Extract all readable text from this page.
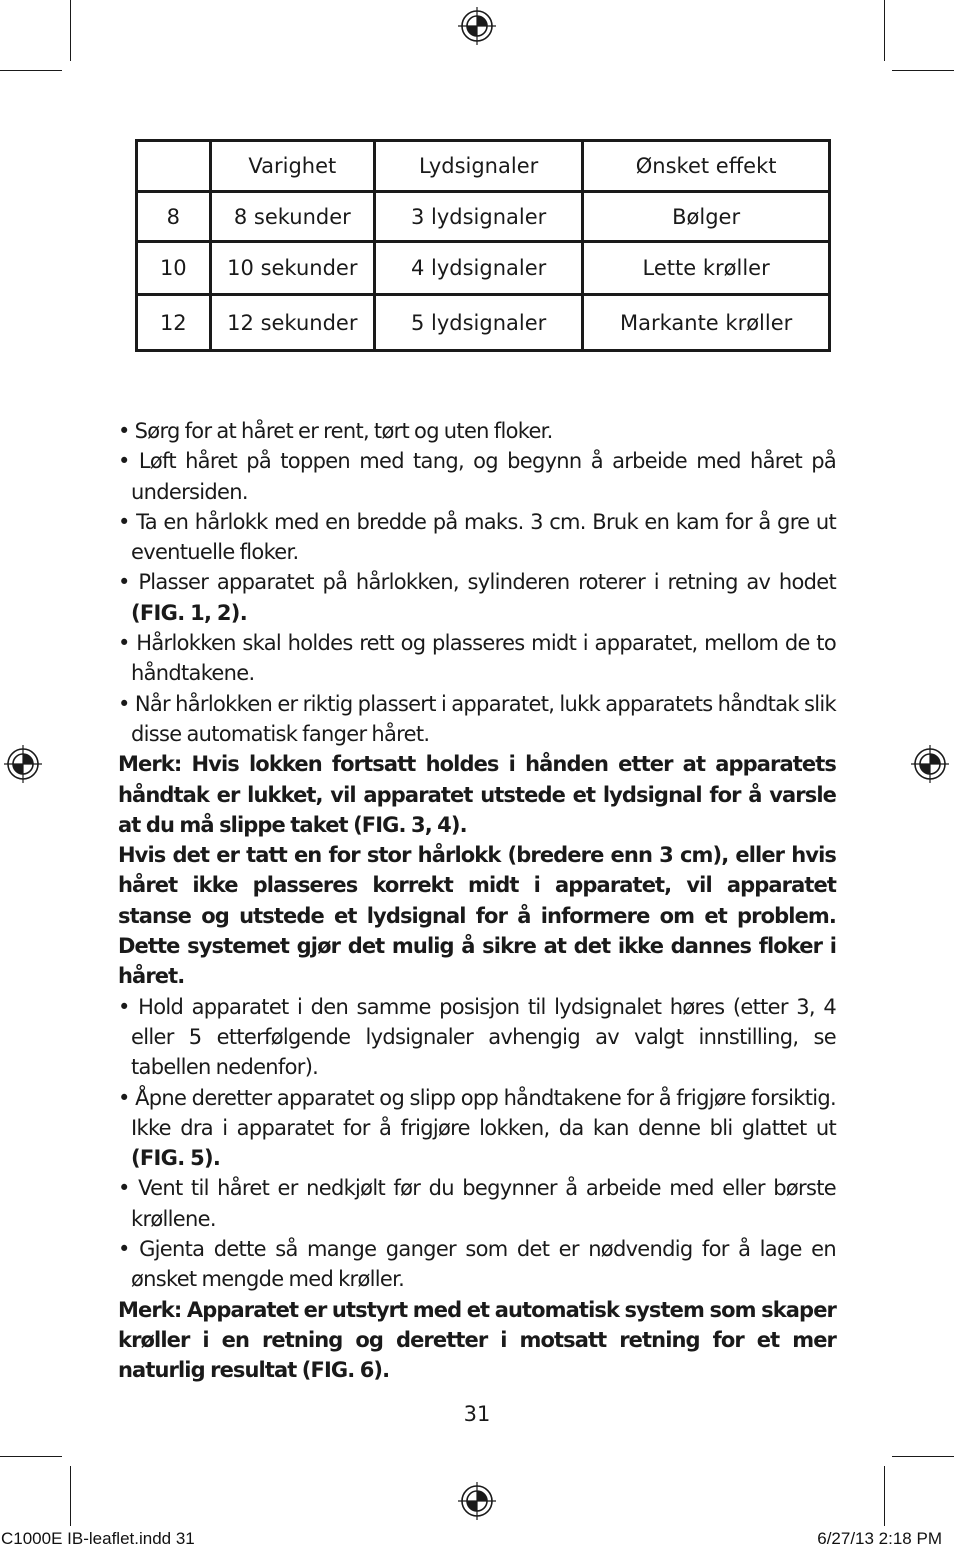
	Varighet	Lydsignaler	Ønsket effekt
8	8 sekunder	3 lydsignaler	Bølger
10	10 sekunder	4 lydsignaler	Lette krøller
12	12 sekunder	5 lydsignaler	Markante krøller

• Sørg for at håret er rent, tørt og uten floker.

• Løft håret på toppen med tang, og begynn å arbeide med håret på undersiden.

• Ta en hårlokk med en bredde på maks. 3 cm. Bruk en kam for å gre ut eventuelle floker.

• Plasser apparatet på hårlokken, sylinderen roterer i retning av hodet (FIG. 1, 2).

• Hårlokken skal holdes rett og plasseres midt i apparatet, mellom de to håndtakene.

• Når hårlokken er riktig plassert i apparatet, lukk apparatets håndtak slik disse automatisk fanger håret.

Merk: Hvis lokken fortsatt holdes i hånden etter at apparatets håndtak er lukket, vil apparatet utstede et lydsignal for å varsle at du må slippe taket (FIG. 3, 4).

Hvis det er tatt en for stor hårlokk (bredere enn 3 cm), eller hvis håret ikke plasseres korrekt midt i apparatet, vil apparatet stanse og utstede et lydsignal for å informere om et problem. Dette systemet gjør det mulig å sikre at det ikke dannes floker i håret.

• Hold apparatet i den samme posisjon til lydsignalet høres (etter 3, 4 eller 5 etterfølgende lydsignaler avhengig av valgt innstilling, se tabellen nedenfor).

• Åpne deretter apparatet og slipp opp håndtakene for å frigjøre forsiktig. Ikke dra i apparatet for å frigjøre lokken, da kan denne bli glattet ut (FIG. 5).

• Vent til håret er nedkjølt før du begynner å arbeide med eller børste krøllene.

• Gjenta dette så mange ganger som det er nødvendig for å lage en ønsket mengde med krøller.

Merk: Apparatet er utstyrt med et automatisk system som skaper krøller i en retning og deretter i motsatt retning for et mer naturlig resultat (FIG. 6).

31
C1000E IB-leaflet.indd 31	6/27/13 2:18 PM
